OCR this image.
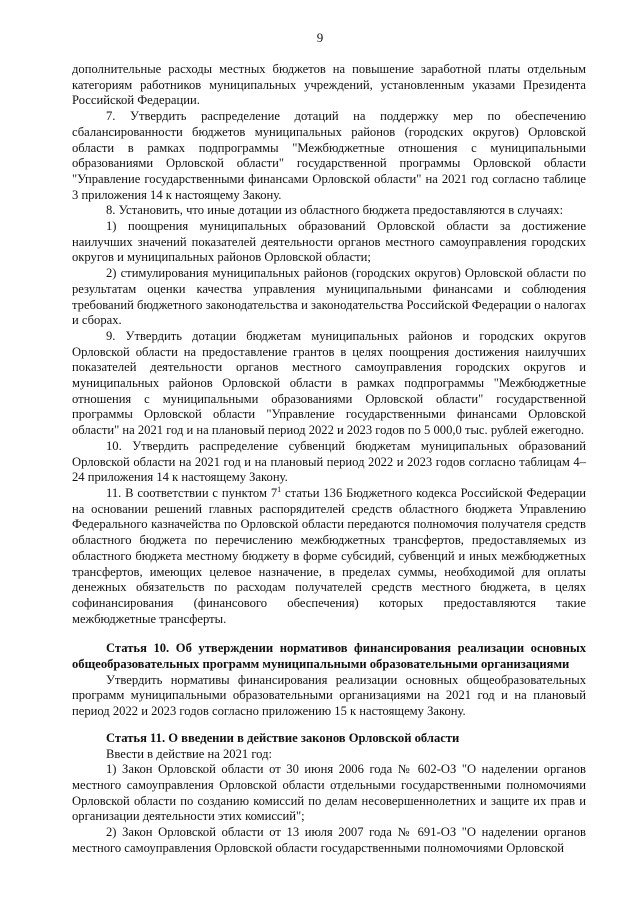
9

дополнительные расходы местных бюджетов на повышение заработной платы отдельным категориям работников муниципальных учреждений, установленным указами Президента Российской Федерации.

7. Утвердить распределение дотаций на поддержку мер по обеспечению сбалансированности бюджетов муниципальных районов (городских округов) Орловской области в рамках подпрограммы "Межбюджетные отношения с муниципальными образованиями Орловской области" государственной программы Орловской области "Управление государственными финансами Орловской области" на 2021 год согласно таблице 3 приложения 14 к настоящему Закону.

8. Установить, что иные дотации из областного бюджета предоставляются в случаях:

1) поощрения муниципальных образований Орловской области за достижение наилучших значений показателей деятельности органов местного самоуправления городских округов и муниципальных районов Орловской области;

2) стимулирования муниципальных районов (городских округов) Орловской области по результатам оценки качества управления муниципальными финансами и соблюдения требований бюджетного законодательства и законодательства Российской Федерации о налогах и сборах.

9. Утвердить дотации бюджетам муниципальных районов и городских округов Орловской области на предоставление грантов в целях поощрения достижения наилучших показателей деятельности органов местного самоуправления городских округов и муниципальных районов Орловской области в рамках подпрограммы "Межбюджетные отношения с муниципальными образованиями Орловской области" государственной программы Орловской области "Управление государственными финансами Орловской области" на 2021 год и на плановый период 2022 и 2023 годов по 5 000,0 тыс. рублей ежегодно.

10. Утвердить распределение субвенций бюджетам муниципальных образований Орловской области на 2021 год и на плановый период 2022 и 2023 годов согласно таблицам 4–24 приложения 14 к настоящему Закону.

11. В соответствии с пунктом $7^1$ статьи 136 Бюджетного кодекса Российской Федерации на основании решений главных распорядителей средств областного бюджета Управлению Федерального казначейства по Орловской области передаются полномочия получателя средств областного бюджета по перечислению межбюджетных трансфертов, предоставляемых из областного бюджета местному бюджету в форме субсидий, субвенций и иных межбюджетных трансфертов, имеющих целевое назначение, в пределах суммы, необходимой для оплаты денежных обязательств по расходам получателей средств местного бюджета, в целях софинансирования (финансового обеспечения) которых предоставляются такие межбюджетные трансферты.

Статья 10. Об утверждении нормативов финансирования реализации основных общеобразовательных программ муниципальными образовательными организациями

Утвердить нормативы финансирования реализации основных общеобразовательных программ муниципальными образовательными организациями на 2021 год и на плановый период 2022 и 2023 годов согласно приложению 15 к настоящему Закону.

Статья 11. О введении в действие законов Орловской области

Ввести в действие на 2021 год:

1) Закон Орловской области от 30 июня 2006 года № 602-ОЗ "О наделении органов местного самоуправления Орловской области отдельными государственными полномочиями Орловской области по созданию комиссий по делам несовершеннолетних и защите их прав и организации деятельности этих комиссий";

2) Закон Орловской области от 13 июля 2007 года № 691-ОЗ "О наделении органов местного самоуправления Орловской области государственными полномочиями Орловской
